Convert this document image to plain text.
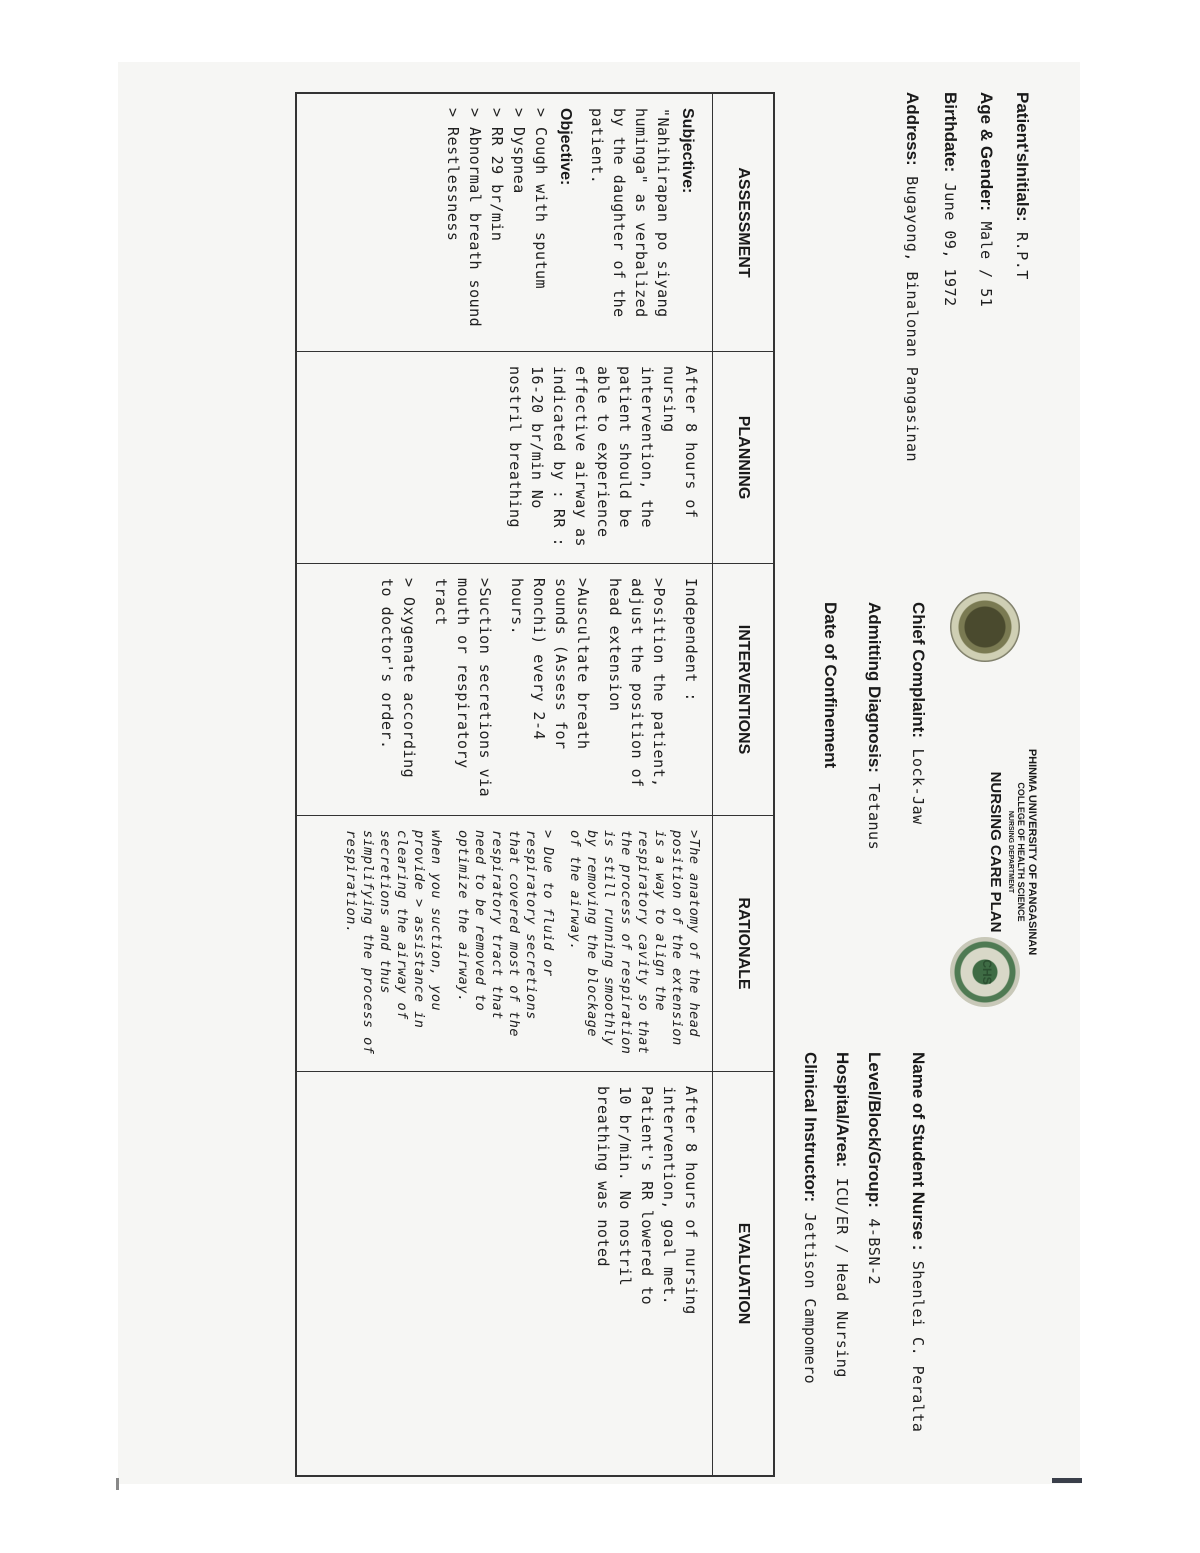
PHINMA UNIVERSITY OF PANGASINAN
COLLEGE OF HEALTH SCIENCE
NURSING DEPARTMENT
NURSING CARE PLAN
CHS
Patient'sInitials: R.P.T
Age & Gender: Male / 51
Birthdate: June 09, 1972
Address: Bugayong, Binalonan Pangasinan
Chief Complaint: Lock-Jaw
Admitting Diagnosis: Tetanus
Date of Confinement
Name of Student Nurse : Shenlei C. Peralta
Level/Block/Group: 4-BSN-2
Hospital/Area: ICU/ER / Head Nursing
Clinical Instructor: Jettison Campomero
ASSESSMENT
Subjective:

"Nahihirapan po siyang huminga" as verbalized by the daughter of the patient.

Objective:
> Cough with sputum
> Dyspnea
> RR 29 br/min
> Abnormal breath sound
> Restlessness
PLANNING
After 8 hours of nursing intervention, the patient should be able to experience effective airway as indicated by : RR : 16-20 br/min No nostril breathing
INTERVENTIONS

Independent :

>Position the patient, adjust the position of head extension

>Auscultate breath sounds (Assess for Ronchi) every 2-4 hours.

>Suction secretions via mouth or respiratory tract

> Oxygenate according to doctor's order.

RATIONALE

>The anatomy of the head position of the extension is a way to align the respiratory cavity so that the process of respiration is still running smoothly by removing the blockage of the airway.

> Due to fluid or respiratory secretions that covered most of the respiratory tract that need to be removed to optimize the airway.

when you suction, you provide > assistance in clearing the airway of secretions and thus simplifying the process of respiration.

EVALUATION
After 8 hours of nursing intervention, goal met. Patient's RR lowered to 10 br/min. No nostril breathing was noted
